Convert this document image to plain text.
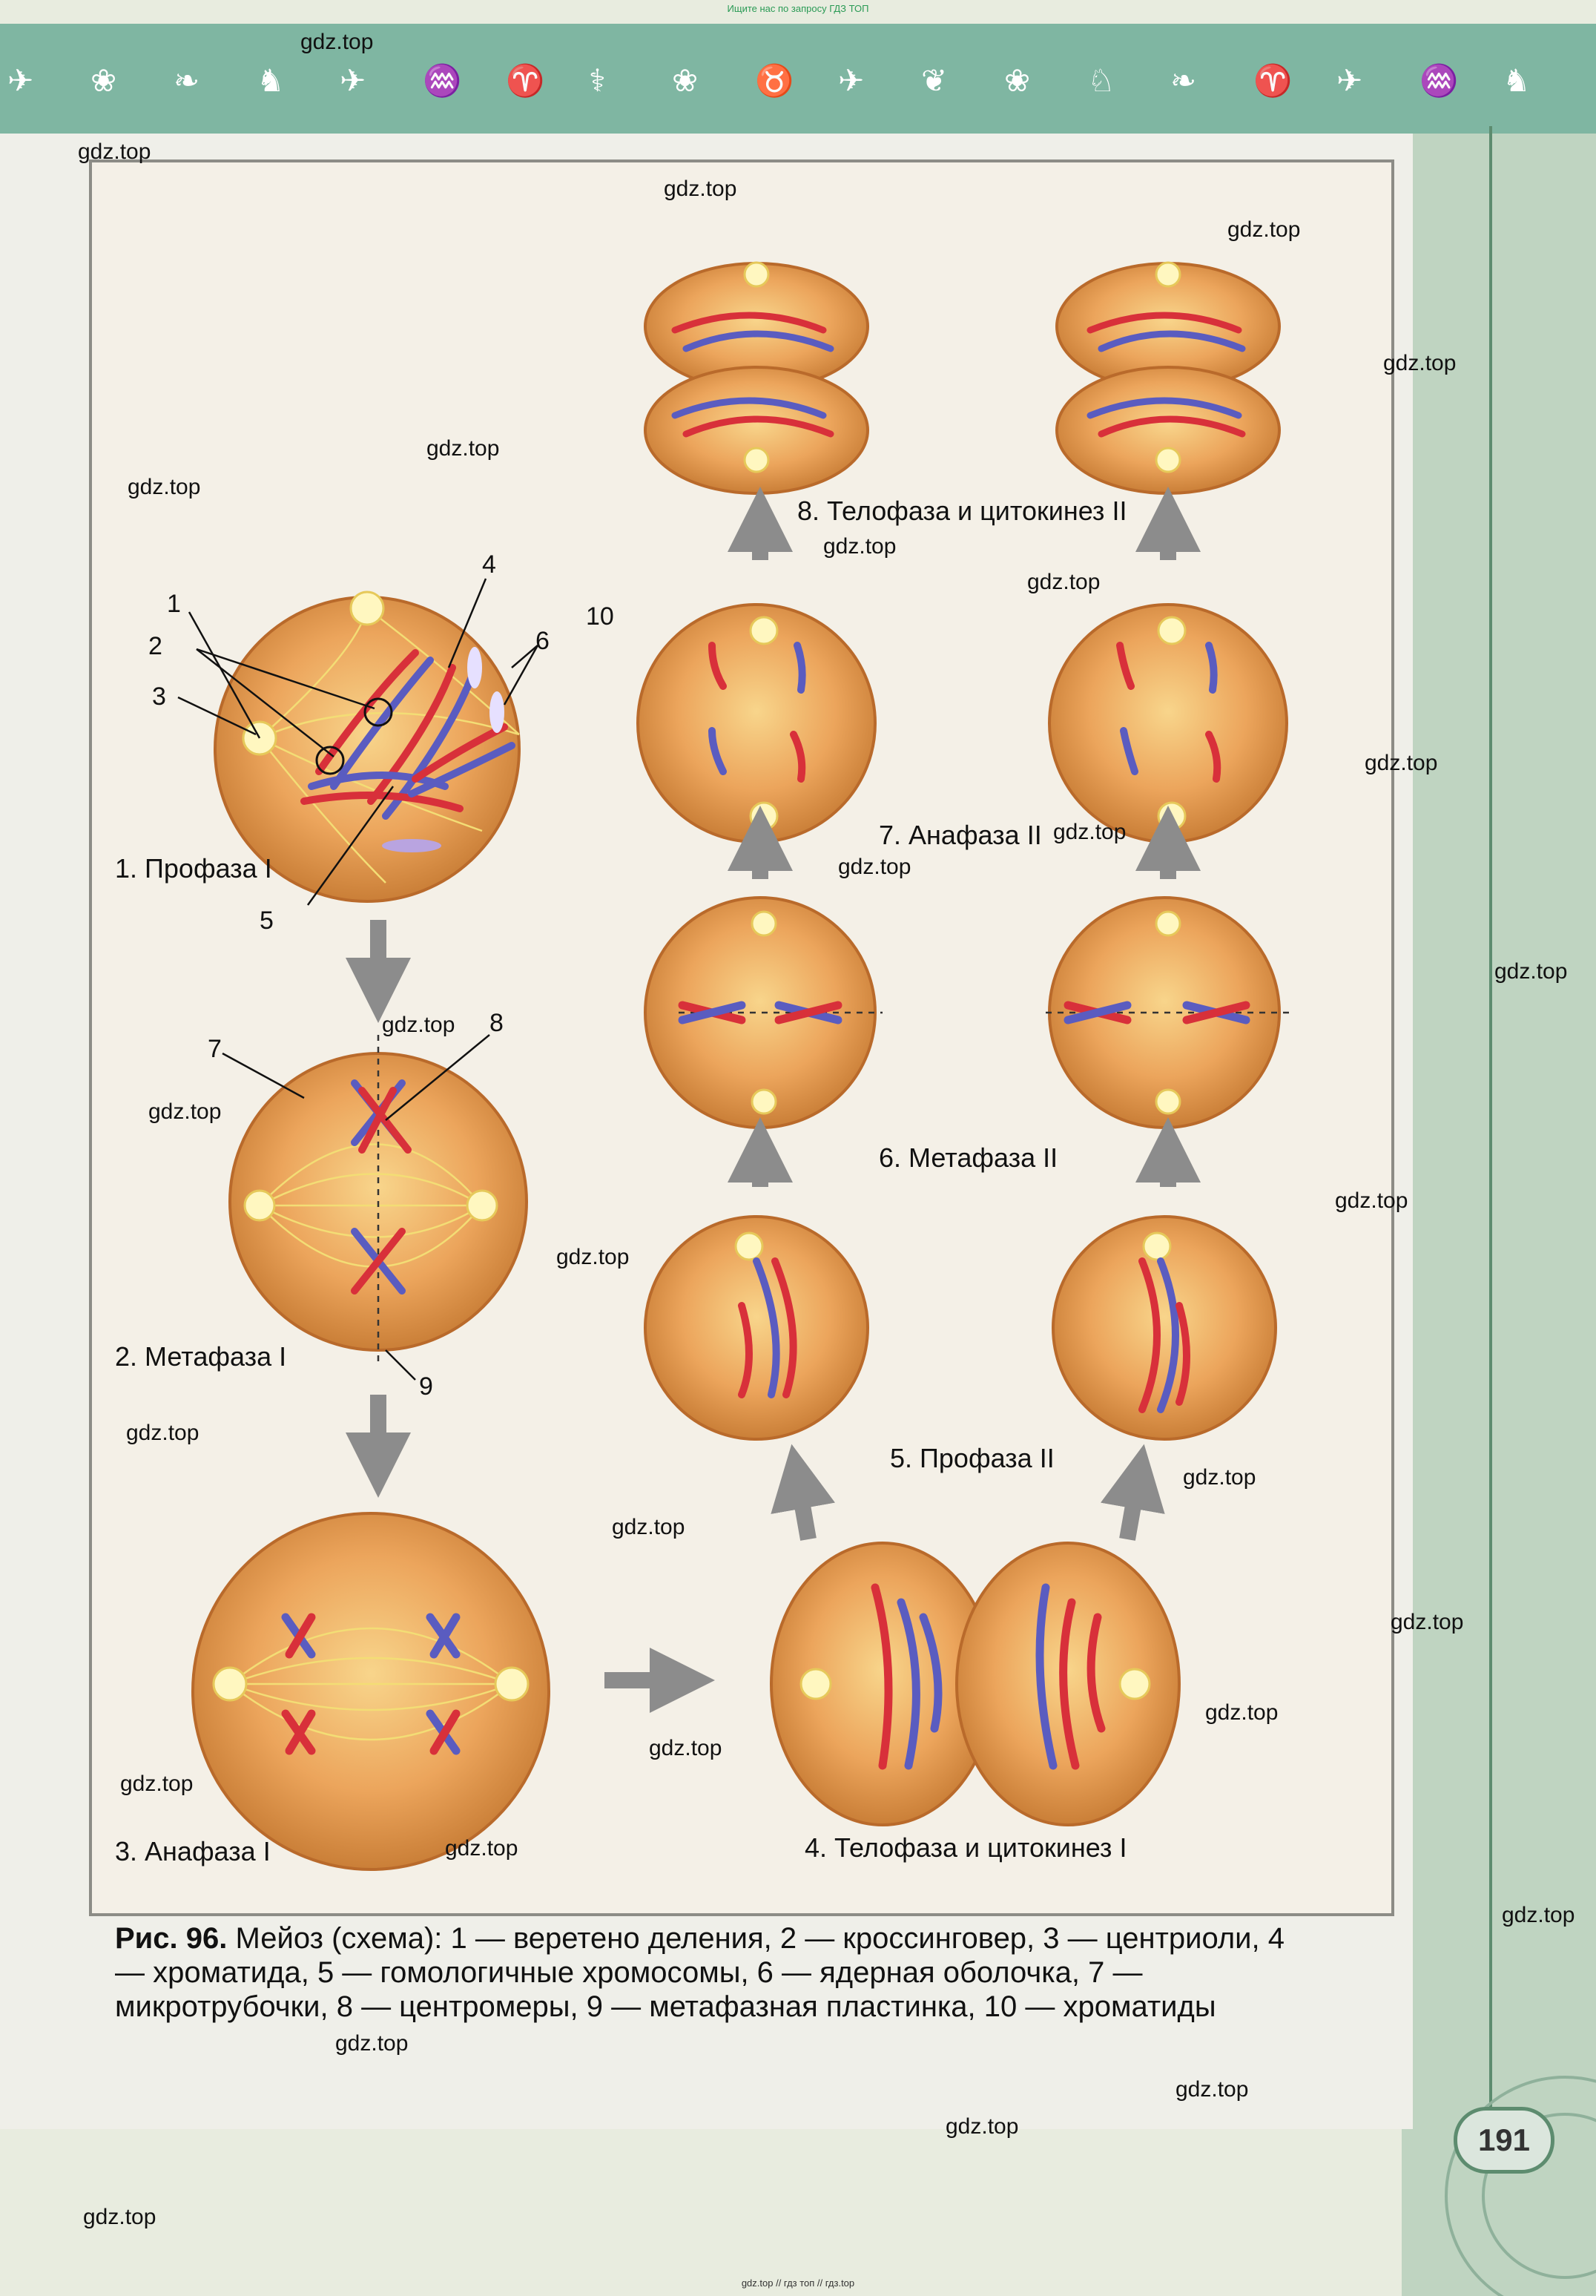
Ищите нас по запросу ГДЗ ТОП
✈ ❀ ❧ ♞ ✈ ♒ ♈ ⚕ ❀ ♉ ✈ ❦ ❀ ♘ ❧ ♈ ✈ ♒ ♞
1. Профаза I
2. Метафаза I
3. Анафаза I	4. Телофаза и цитокинез I
5. Профаза II
6. Метафаза II
7. Анафаза II
8. Телофаза и цитокинез II
1
2
3
4
5
6
7
8
9
10
Рис. 96. Мейоз (схема): 1 — веретено деления, 2 — кроссинговер, 3 — центриоли, 4 — хроматида, 5 — гомологичные хромосомы, 6 — ядерная оболочка, 7 — микротрубочки, 8 — центромеры, 9 — метафазная пластинка, 10 — хроматиды
191
gdz.top
gdz.top
gdz.top
gdz.top
gdz.top
gdz.top
gdz.top
gdz.top
gdz.top
gdz.top
gdz.top
gdz.top
gdz.top
gdz.top
gdz.top
gdz.top
gdz.top
gdz.top
gdz.top
gdz.top
gdz.top
gdz.top
gdz.top
gdz.top
gdz.top
gdz.top
gdz.top
gdz.top
gdz.top
gdz.top
gdz.top // гдз топ // гдз.top
